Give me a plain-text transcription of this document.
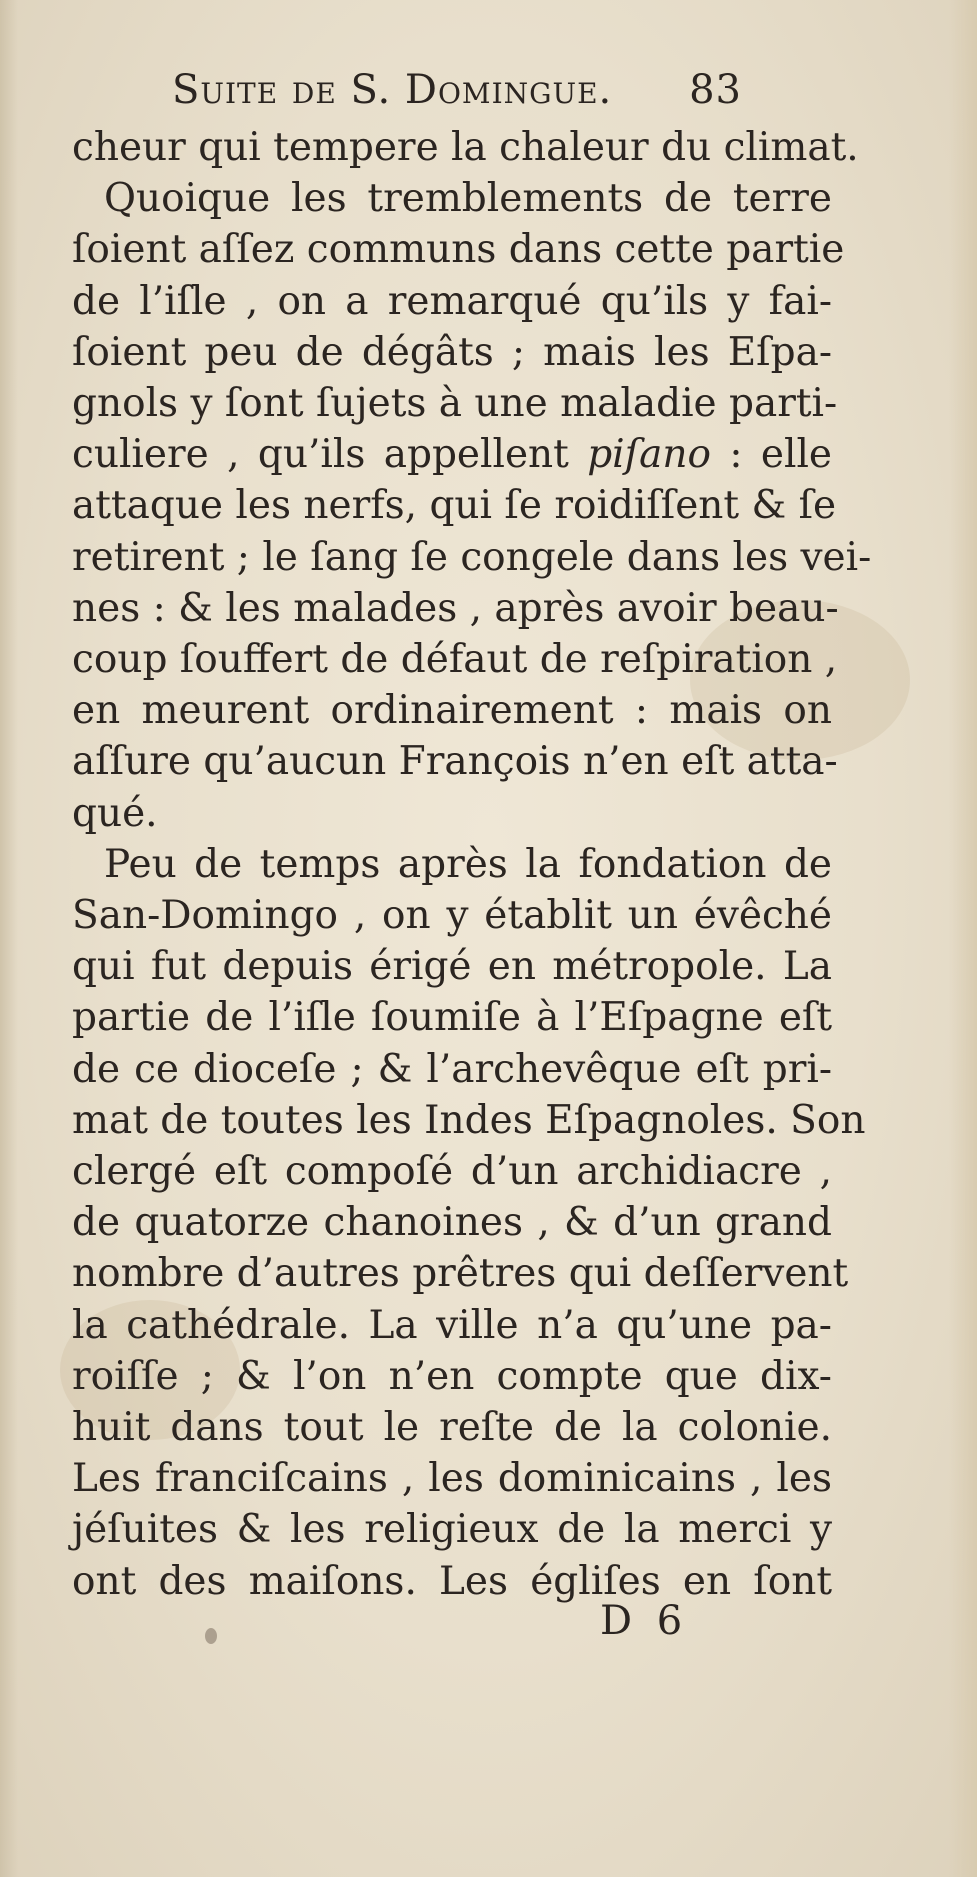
Suite de S. Domingue. 83
cheur qui tempere la chaleur du climat.
Quoique les tremblements de terre
ſoient aſſez communs dans cette partie
de l’iſle , on a remarqué qu’ils y fai-
ſoient peu de dégâts ; mais les Eſpa-
gnols y ſont ſujets à une maladie parti-
culiere , qu’ils appellent piſano : elle
attaque les nerfs, qui ſe roidiſſent & ſe
retirent ; le ſang ſe congele dans les vei-
nes : & les malades , après avoir beau-
coup ſouffert de défaut de reſpiration ,
en meurent ordinairement : mais on
aſſure qu’aucun François n’en eſt atta-
qué.
Peu de temps après la fondation de
San-Domingo , on y établit un évêché
qui fut depuis érigé en métropole. La
partie de l’iſle ſoumiſe à l’Eſpagne eſt
de ce dioceſe ; & l’archevêque eſt pri-
mat de toutes les Indes Eſpagnoles. Son
clergé eſt compoſé d’un archidiacre ,
de quatorze chanoines , & d’un grand
nombre d’autres prêtres qui deſſervent
la cathédrale. La ville n’a qu’une pa-
roiſſe ; & l’on n’en compte que dix-
huit dans tout le reſte de la colonie.
Les franciſcains , les dominicains , les
jéſuites & les religieux de la merci y
ont des maiſons. Les égliſes en ſont
D 6
